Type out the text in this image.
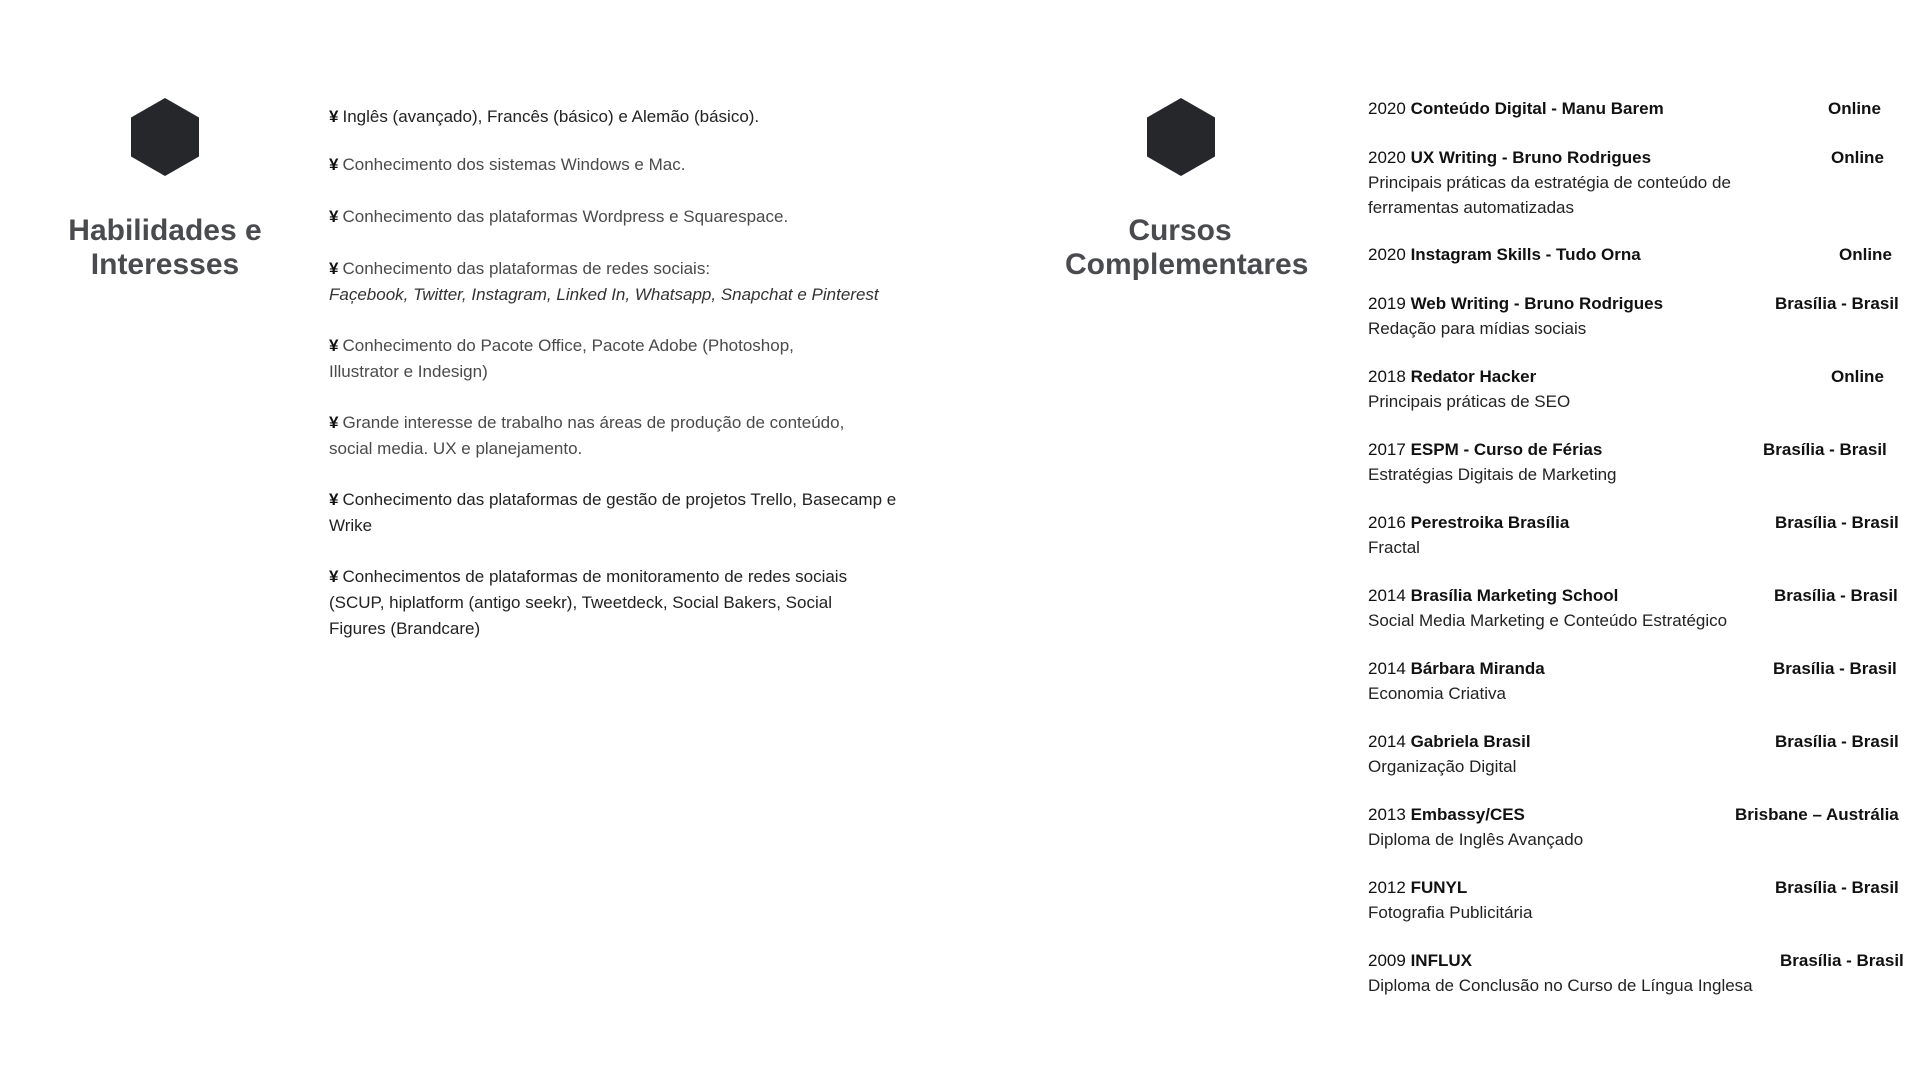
Habilidades e Interesses
¥ Inglês (avançado), Francês (básico) e Alemão (básico).
¥ Conhecimento dos sistemas Windows e Mac.
¥ Conhecimento das plataformas Wordpress e Squarespace.
¥ Conhecimento das plataformas de redes sociais:
Fac̦ebook, Twitter, Instagram, Linked In, Whatsapp, Snapchat e Pinterest
¥ Conhecimento do Pacote Office, Pacote Adobe (Photoshop, Illustrator e Indesign)
¥ Grande interesse de trabalho nas áreas de produção de conteúdo, social media. UX e planejamento.
¥ Conhecimento das plataformas de gestão de projetos Trello, Basecamp e Wrike
¥ Conhecimentos de plataformas de monitoramento de redes sociais (SCUP, hiplatform (antigo seekr), Tweetdeck, Social Bakers, Social Figures (Brandcare)
Cursos Complementares
2020 Conteúdo Digital - Manu Barem	Online
2020 UX Writing - Bruno Rodrigues	Online
Principais práticas da estratégia de conteúdo de ferramentas automatizadas
2020 Instagram Skills - Tudo Orna	Online
2019 Web Writing - Bruno Rodrigues	Brasília - Brasil
Redação para mídias sociais
2018 Redator Hacker	Online
Principais práticas de SEO
2017 ESPM - Curso de Férias	Brasília - Brasil
Estratégias Digitais de Marketing
2016 Perestroika Brasília	Brasília - Brasil
Fractal
2014 Brasília Marketing School	Brasília - Brasil
Social Media Marketing e Conteúdo Estratégico
2014 Bárbara Miranda	Brasília - Brasil
Economia Criativa
2014 Gabriela Brasil	Brasília - Brasil
Organização Digital
2013 Embassy/CES	Brisbane – Austrália
Diploma de Inglês Avançado
2012 FUNYL	Brasília - Brasil
Fotografia Publicitária
2009 INFLUX	Brasília - Brasil
Diploma de Conclusão no Curso de Língua Inglesa
